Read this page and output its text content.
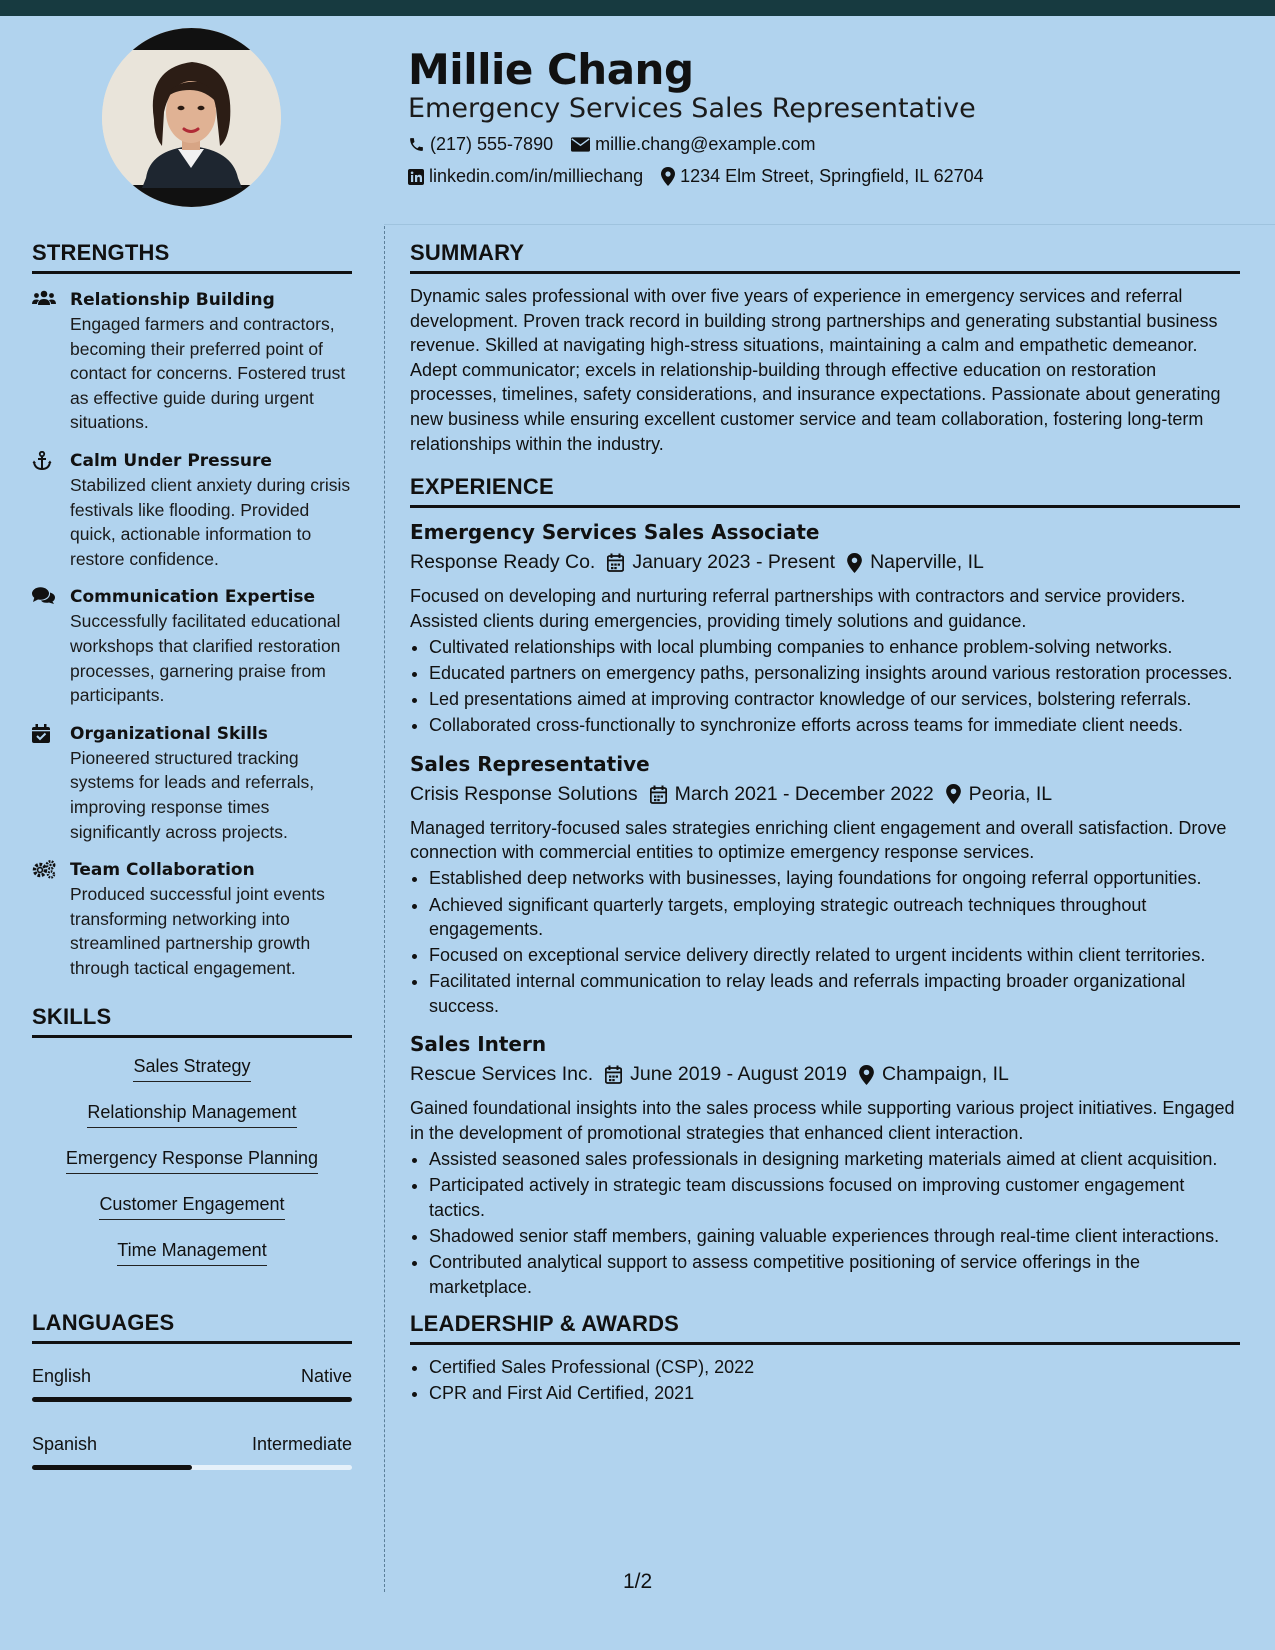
Millie Chang
Emergency Services Sales Representative
(217) 555-7890 millie.chang@example.com
linkedin.com/in/milliechang 1234 Elm Street, Springfield, IL 62704
STRENGTHS
Relationship Building
Engaged farmers and contractors, becoming their preferred point of contact for concerns. Fostered trust as effective guide during urgent situations.
Calm Under Pressure
Stabilized client anxiety during crisis festivals like flooding. Provided quick, actionable information to restore confidence.
Communication Expertise
Successfully facilitated educational workshops that clarified restoration processes, garnering praise from participants.
Organizational Skills
Pioneered structured tracking systems for leads and referrals, improving response times significantly across projects.
Team Collaboration
Produced successful joint events transforming networking into streamlined partnership growth through tactical engagement.
SKILLS
Sales Strategy
Relationship Management
Emergency Response Planning
Customer Engagement
Time Management
LANGUAGES
English	Native
Spanish	Intermediate
SUMMARY

Dynamic sales professional with over five years of experience in emergency services and referral development. Proven track record in building strong partnerships and generating substantial business revenue. Skilled at navigating high-stress situations, maintaining a calm and empathetic demeanor. Adept communicator; excels in relationship-building through effective education on restoration processes, timelines, safety considerations, and insurance expectations. Passionate about generating new business while ensuring excellent customer service and team collaboration, fostering long-term relationships within the industry.

EXPERIENCE
Emergency Services Sales Associate
Response Ready Co. January 2023 - Present Naperville, IL

Focused on developing and nurturing referral partnerships with contractors and service providers. Assisted clients during emergencies, providing timely solutions and guidance.

• Cultivated relationships with local plumbing companies to enhance problem-solving networks.
• Educated partners on emergency paths, personalizing insights around various restoration processes.
• Led presentations aimed at improving contractor knowledge of our services, bolstering referrals.
• Collaborated cross-functionally to synchronize efforts across teams for immediate client needs.
Sales Representative
Crisis Response Solutions March 2021 - December 2022 Peoria, IL

Managed territory-focused sales strategies enriching client engagement and overall satisfaction. Drove connection with commercial entities to optimize emergency response services.

• Established deep networks with businesses, laying foundations for ongoing referral opportunities.
• Achieved significant quarterly targets, employing strategic outreach techniques throughout engagements.
• Focused on exceptional service delivery directly related to urgent incidents within client territories.
• Facilitated internal communication to relay leads and referrals impacting broader organizational success.
Sales Intern
Rescue Services Inc. June 2019 - August 2019 Champaign, IL

Gained foundational insights into the sales process while supporting various project initiatives. Engaged in the development of promotional strategies that enhanced client interaction.

• Assisted seasoned sales professionals in designing marketing materials aimed at client acquisition.
• Participated actively in strategic team discussions focused on improving customer engagement tactics.
• Shadowed senior staff members, gaining valuable experiences through real-time client interactions.
• Contributed analytical support to assess competitive positioning of service offerings in the marketplace.
LEADERSHIP & AWARDS
• Certified Sales Professional (CSP), 2022
• CPR and First Aid Certified, 2021
1/2
